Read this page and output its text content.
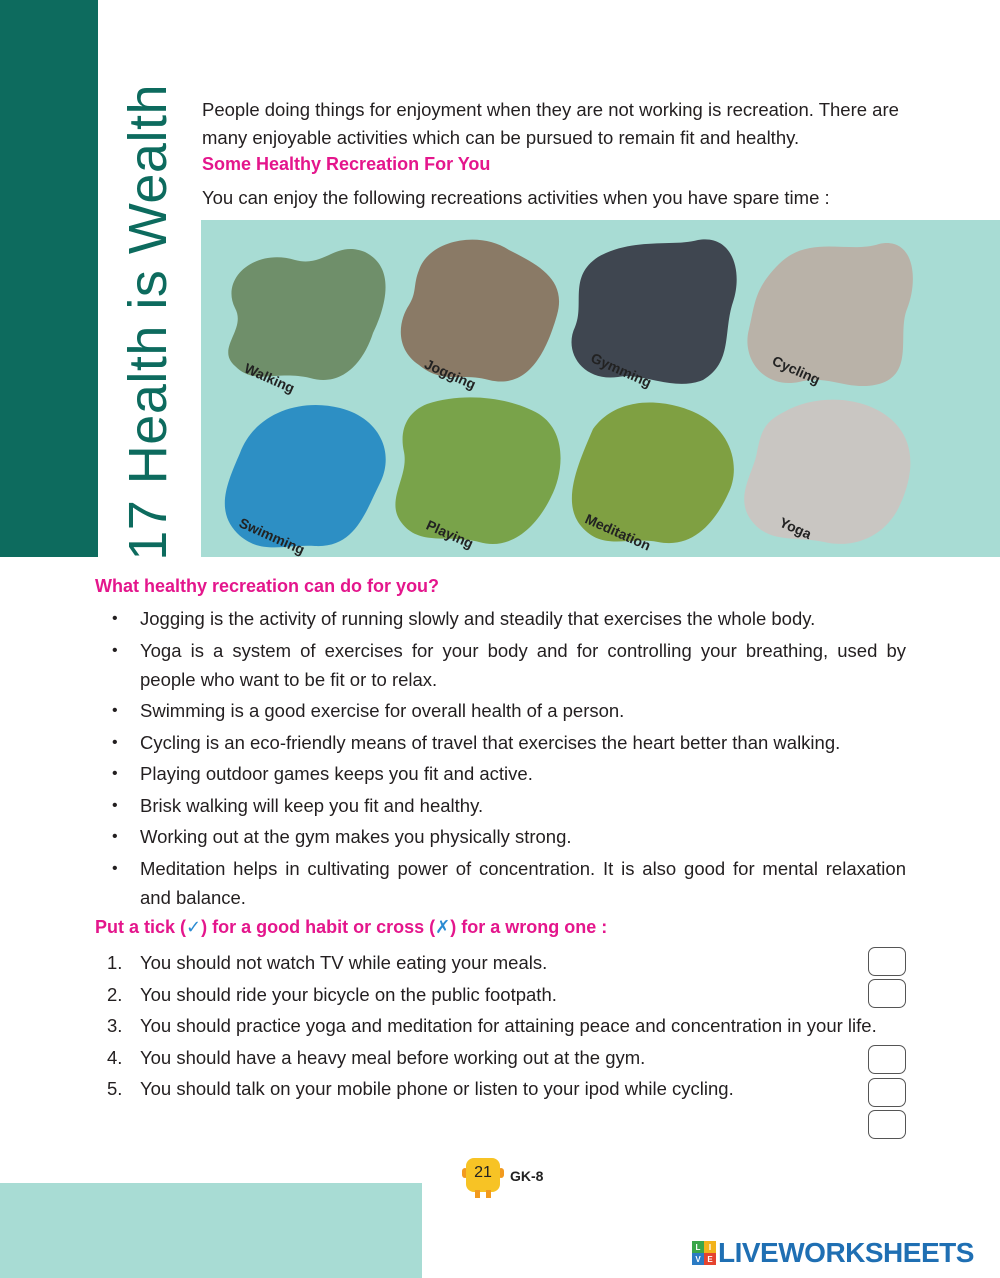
17 Health is Wealth People doing things for enjoyment when they are not working is recreation. There are many enjoyable activities which can be pursued to remain fit and healthy.

Some Healthy Recreation For You

You can enjoy the following recreations activities when you have spare time :

Walking	Jogging	Gymming	Cycling
Swimming	Playing	Meditation	Yoga
What healthy recreation can do for you?
• Jogging is the activity of running slowly and steadily that exercises the whole body.
• Yoga is a system of exercises for your body and for controlling your breathing, used by people who want to be fit or to relax.
• Swimming is a good exercise for overall health of a person.
• Cycling is an eco-friendly means of travel that exercises the heart better than walking.
• Playing outdoor games keeps you fit and active.
• Brisk walking will keep you fit and healthy.
• Working out at the gym makes you physically strong.
• Meditation helps in cultivating power of concentration. It is also good for mental relaxation and balance.
Put a tick (✓) for a good habit or cross (✗) for a wrong one :
1. You should not watch TV while eating your meals.
2. You should ride your bicycle on the public footpath.
3. You should practice yoga and meditation for attaining peace and concentration in your life.
4. You should have a heavy meal before working out at the gym.
5. You should talk on your mobile phone or listen to your ipod while cycling.
21	GK-8
L	I
V E LIVEWORKSHEETS
